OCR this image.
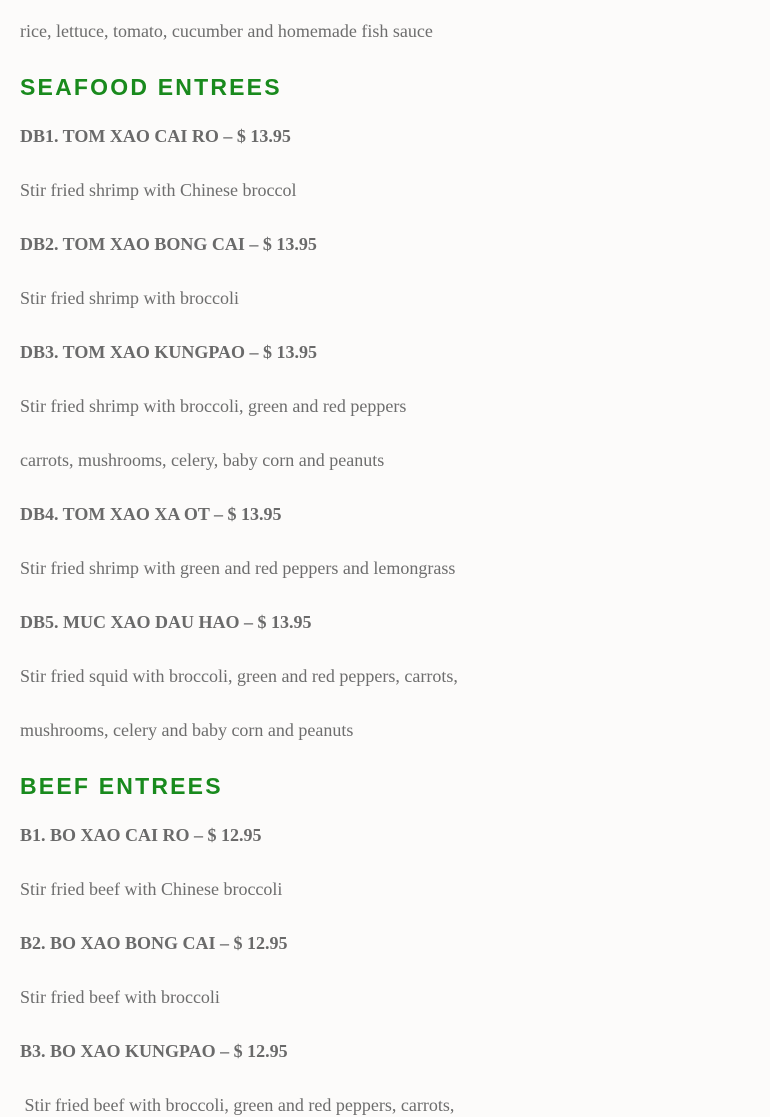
rice, lettuce, tomato, cucumber and homemade fish sauce
SEAFOOD ENTREES
DB1. TOM XAO CAI RO – $ 13.95
Stir fried shrimp with Chinese broccol
DB2. TOM XAO BONG CAI – $ 13.95
Stir fried shrimp with broccoli
DB3. TOM XAO KUNGPAO – $ 13.95
Stir fried shrimp with broccoli, green and red peppers
carrots, mushrooms, celery, baby corn and peanuts
DB4. TOM XAO XA OT – $ 13.95
Stir fried shrimp with green and red peppers and lemongrass
DB5. MUC XAO DAU HAO – $ 13.95
Stir fried squid with broccoli, green and red peppers, carrots,
mushrooms, celery and baby corn and peanuts
BEEF ENTREES
B1. BO XAO CAI RO – $ 12.95
Stir fried beef with Chinese broccoli
B2. BO XAO BONG CAI – $ 12.95
Stir fried beef with broccoli
B3. BO XAO KUNGPAO – $ 12.95
Stir fried beef with broccoli, green and red peppers, carrots,
